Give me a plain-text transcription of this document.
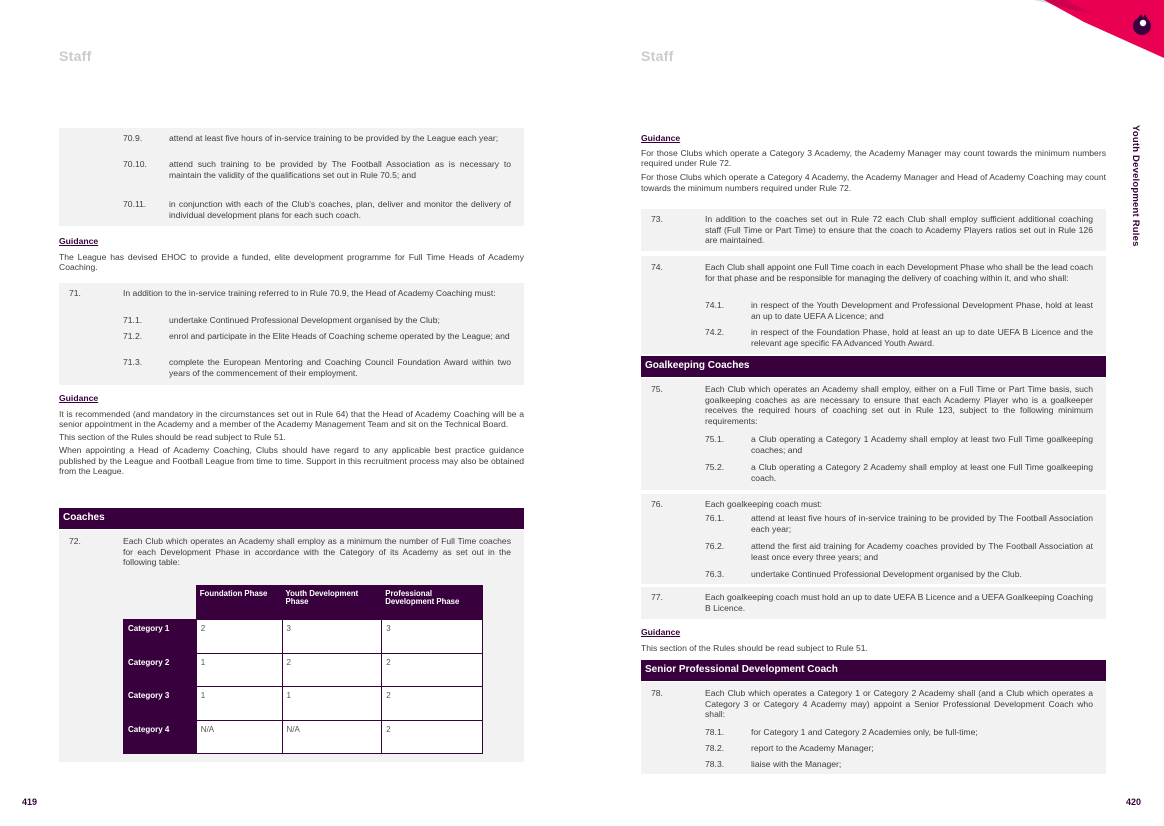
Staff	Staff
419	420
Youth Development Rules
70.9.	attend at least five hours of in-service training to be provided by the League each year;
70.10.	attend such training to be provided by The Football Association as is necessary to maintain the validity of the qualifications set out in Rule 70.5; and
70.11.	in conjunction with each of the Club’s coaches, plan, deliver and monitor the delivery of individual development plans for each such coach.
Guidance
The League has devised EHOC to provide a funded, elite development programme for Full Time Heads of Academy Coaching.
71.	In addition to the in-service training referred to in Rule 70.9, the Head of Academy Coaching must:
71.1.	undertake Continued Professional Development organised by the Club;
71.2.	enrol and participate in the Elite Heads of Coaching scheme operated by the League; and
71.3.	complete the European Mentoring and Coaching Council Foundation Award within two years of the commencement of their employment.
Guidance
It is recommended (and mandatory in the circumstances set out in Rule 64) that the Head of Academy Coaching will be a senior appointment in the Academy and a member of the Academy Management Team and sit on the Technical Board.
This section of the Rules should be read subject to Rule 51.
When appointing a Head of Academy Coaching, Clubs should have regard to any applicable best practice guidance published by the League and Football League from time to time. Support in this recruitment process may also be obtained from the League.
Coaches
72.	Each Club which operates an Academy shall employ as a minimum the number of Full Time coaches for each Development Phase in accordance with the Category of its Academy as set out in the following table:
	Foundation Phase	Youth Development Phase	Professional Development Phase
Category 1	2	3	3
Category 2	1	2	2
Category 3	1	1	2
Category 4	N/A	N/A	2
Guidance
For those Clubs which operate a Category 3 Academy, the Academy Manager may count towards the minimum numbers required under Rule 72.
For those Clubs which operate a Category 4 Academy, the Academy Manager and Head of Academy Coaching may count towards the minimum numbers required under Rule 72.
73.	In addition to the coaches set out in Rule 72 each Club shall employ sufficient additional coaching staff (Full Time or Part Time) to ensure that the coach to Academy Players ratios set out in Rule 126 are maintained.
74.	Each Club shall appoint one Full Time coach in each Development Phase who shall be the lead coach for that phase and be responsible for managing the delivery of coaching within it, and who shall:
74.1.	in respect of the Youth Development and Professional Development Phase, hold at least an up to date UEFA A Licence; and
74.2.	in respect of the Foundation Phase, hold at least an up to date UEFA B Licence and the relevant age specific FA Advanced Youth Award.
Goalkeeping Coaches
75.	Each Club which operates an Academy shall employ, either on a Full Time or Part Time basis, such goalkeeping coaches as are necessary to ensure that each Academy Player who is a goalkeeper receives the required hours of coaching set out in Rule 123, subject to the following minimum requirements:
75.1.	a Club operating a Category 1 Academy shall employ at least two Full Time goalkeeping coaches; and
75.2.	a Club operating a Category 2 Academy shall employ at least one Full Time goalkeeping coach.
76.	Each goalkeeping coach must:
76.1.	attend at least five hours of in-service training to be provided by The Football Association each year;
76.2.	attend the first aid training for Academy coaches provided by The Football Association at least once every three years; and
76.3.	undertake Continued Professional Development organised by the Club.
77.	Each goalkeeping coach must hold an up to date UEFA B Licence and a UEFA Goalkeeping Coaching B Licence.
Guidance
This section of the Rules should be read subject to Rule 51.
Senior Professional Development Coach
78.	Each Club which operates a Category 1 or Category 2 Academy shall (and a Club which operates a Category 3 or Category 4 Academy may) appoint a Senior Professional Development Coach who shall:
78.1.	for Category 1 and Category 2 Academies only, be full-time;
78.2.	report to the Academy Manager;
78.3.	liaise with the Manager;
